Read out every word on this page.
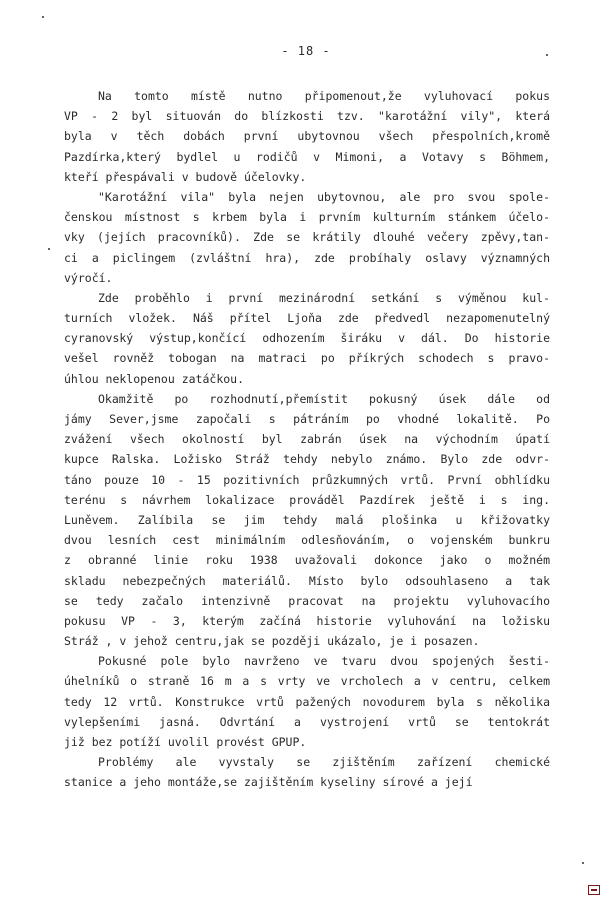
- 18 -
Na tomto místě nutno připomenout,že vyluhovací pokus
VP - 2 byl situován do blízkosti tzv. "karotážní vily", která
byla v těch dobách první ubytovnou všech přespolních,kromě
Pazdírka,který bydlel u rodičů v Mimoni, a Votavy s Böhmem,
kteří přespávali v budově účelovky.
"Karotážní vila" byla nejen ubytovnou, ale pro svou spole-
čenskou místnost s krbem byla i prvním kulturním stánkem účelo-
vky (jejích pracovníků). Zde se krátily dlouhé večery zpěvy,tan-
ci a piclingem (zvláštní hra), zde probíhaly oslavy významných
výročí.
Zde proběhlo i první mezinárodní setkání s výměnou kul-
turních vložek. Náš přítel Ljoňa zde předvedl nezapomenutelný
cyranovský výstup,končící odhozením širáku v dál. Do historie
vešel rovněž tobogan na matraci po příkrých schodech s pravo-
úhlou neklopenou zatáčkou.
Okamžitě po rozhodnutí,přemístit pokusný úsek dále od
jámy Sever,jsme započali s pátráním po vhodné lokalitě. Po
zvážení všech okolností byl zabrán úsek na východním úpatí
kupce Ralska. Ložisko Stráž tehdy nebylo známo. Bylo zde odvr-
táno pouze 10 - 15 pozitivních průzkumných vrtů. První obhlídku
terénu s návrhem lokalizace prováděl Pazdírek ještě i s ing.
Luněvem. Zalíbila se jim tehdy malá plošinka u křižovatky
dvou lesních cest minimálním odlesňováním, o vojenském bunkru
z obranné linie roku 1938 uvažovali dokonce jako o možném
skladu nebezpečných materiálů. Místo bylo odsouhlaseno a tak
se tedy začalo intenzivně pracovat na projektu vyluhovacího
pokusu VP - 3, kterým začíná historie vyluhování na ložisku
Stráž , v jehož centru,jak se později ukázalo, je i posazen.
Pokusné pole bylo navrženo ve tvaru dvou spojených šesti-
úhelníků o straně 16 m a s vrty ve vrcholech a v centru, celkem
tedy 12 vrtů. Konstrukce vrtů pažených novodurem byla s několika
vylepšeními jasná. Odvrtání a vystrojení vrtů se tentokrát
již bez potíží uvolil provést GPUP.
Problémy ale vyvstaly se zjištěním zařízení chemické
stanice a jeho montáže,se zajištěním kyseliny sírové a její
